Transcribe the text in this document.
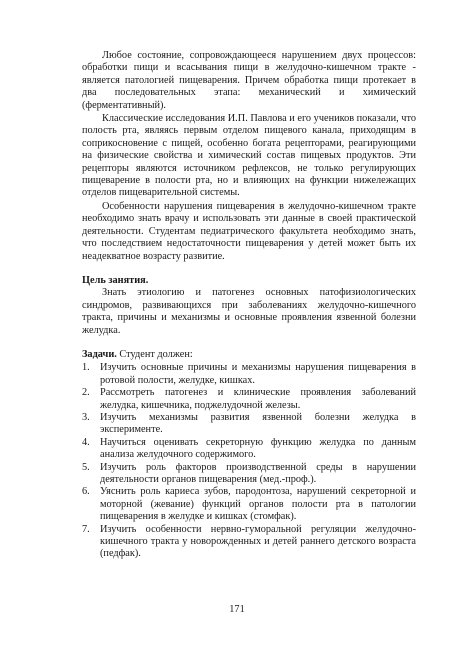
Любое состояние, сопровождающееся нарушением двух процессов: обработки пищи и всасывания пищи в желудочно-кишечном тракте - является патологией пищеварения. Причем обработка пищи протекает в два последовательных этапа: механический и химический (ферментативный).

Классические исследования И.П. Павлова и его учеников показали, что полость рта, являясь первым отделом пищевого канала, приходящим в соприкосновение с пищей, особенно богата рецепторами, реагирующими на физические свойства и химический состав пищевых продуктов. Эти рецепторы являются источником рефлексов, не только регулирующих пищеварение в полости рта, но и влияющих на функции нижележащих отделов пищеварительной системы.

Особенности нарушения пищеварения в желудочно-кишечном тракте необходимо знать врачу и использовать эти данные в своей практической деятельности. Студентам педиатрического факультета необходимо знать, что последствием недостаточности пищеварения у детей может быть их неадекватное возрасту развитие.

Цель занятия.

Знать этиологию и патогенез основных патофизиологических синдромов, развивающихся при заболеваниях желудочно-кишечного тракта, причины и механизмы и основные проявления язвенной болезни желудка.

Задачи. Студент должен:

1. Изучить основные причины и механизмы нарушения пищеварения в ротовой полости, желудке, кишках.
2. Рассмотреть патогенез и клинические проявления заболеваний желудка, кишечника, поджелудочной железы.
3. Изучить механизмы развития язвенной болезни желудка в эксперименте.
4. Научиться оценивать секреторную функцию желудка по данным анализа желудочного содержимого.
5. Изучить роль факторов производственной среды в нарушении деятельности органов пищеварения (мед.-проф.).
6. Уяснить роль кариеса зубов, пародонтоза, нарушений секреторной и моторной (жевание) функций органов полости рта в патологии пищеварения в желудке и кишках (стомфак).
7. Изучить особенности нервно-гуморальной регуляции желудочно-кишечного тракта у новорожденных и детей раннего детского возраста (педфак).
171
